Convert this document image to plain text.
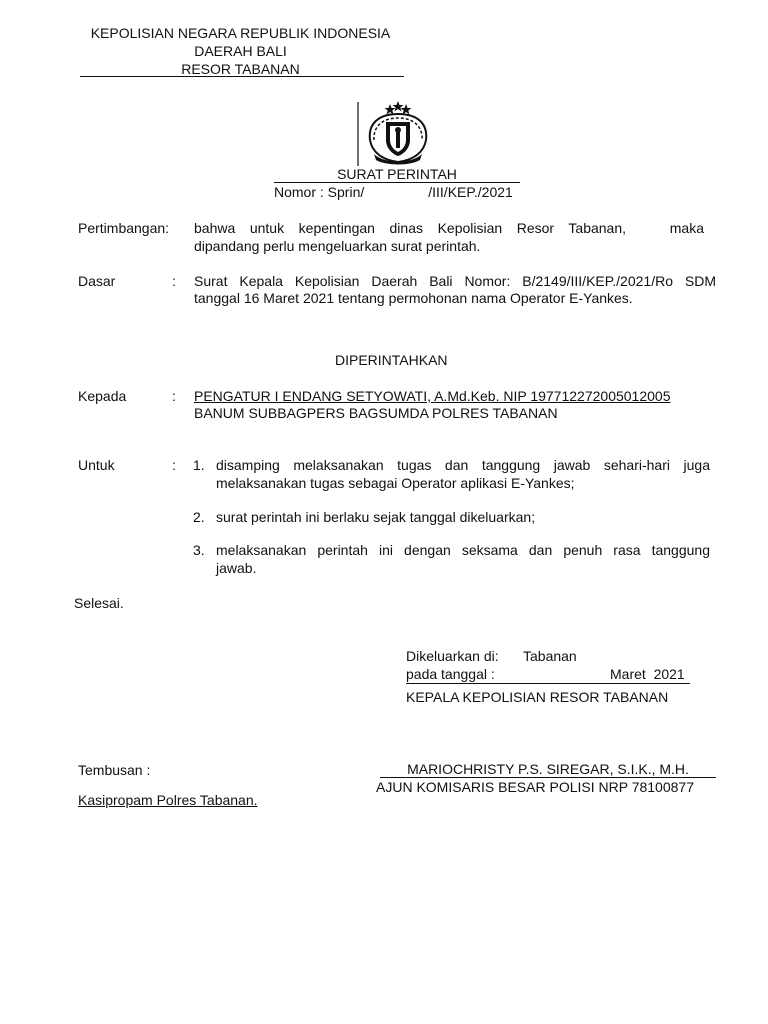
KEPOLISIAN NEGARA REPUBLIK INDONESIA
DAERAH BALI
RESOR TABANAN
SURAT PERINTAH
Nomor : Sprin/	/III/KEP./2021
Pertimbangan: bahwa untuk kepentingan dinas Kepolisian Resor Tabanan,   maka
dipandang perlu mengeluarkan surat perintah.
Dasar	: Surat Kepala Kepolisian Daerah Bali Nomor: B/2149/III/KEP./2021/Ro SDM
tanggal 16 Maret 2021 tentang permohonan nama Operator E-Yankes.
DIPERINTAHKAN
Kepada	: PENGATUR I ENDANG SETYOWATI, A.Md.Keb. NIP 197712272005012005
BANUM SUBBAGPERS BAGSUMDA POLRES TABANAN
Untuk	: 1. disamping melaksanakan tugas dan tanggung jawab sehari-hari juga
melaksanakan tugas sebagai Operator aplikasi E-Yankes;
2. surat perintah ini berlaku sejak tanggal dikeluarkan;
3. melaksanakan perintah ini dengan seksama dan penuh rasa tanggung
jawab.
Selesai.
Dikeluarkan di: Tabanan
pada tanggal :	Maret  2021
KEPALA KEPOLISIAN RESOR TABANAN
Tembusan :
Kasipropam Polres Tabanan.
MARIOCHRISTY P.S. SIREGAR, S.I.K., M.H.
AJUN KOMISARIS BESAR POLISI NRP 78100877
